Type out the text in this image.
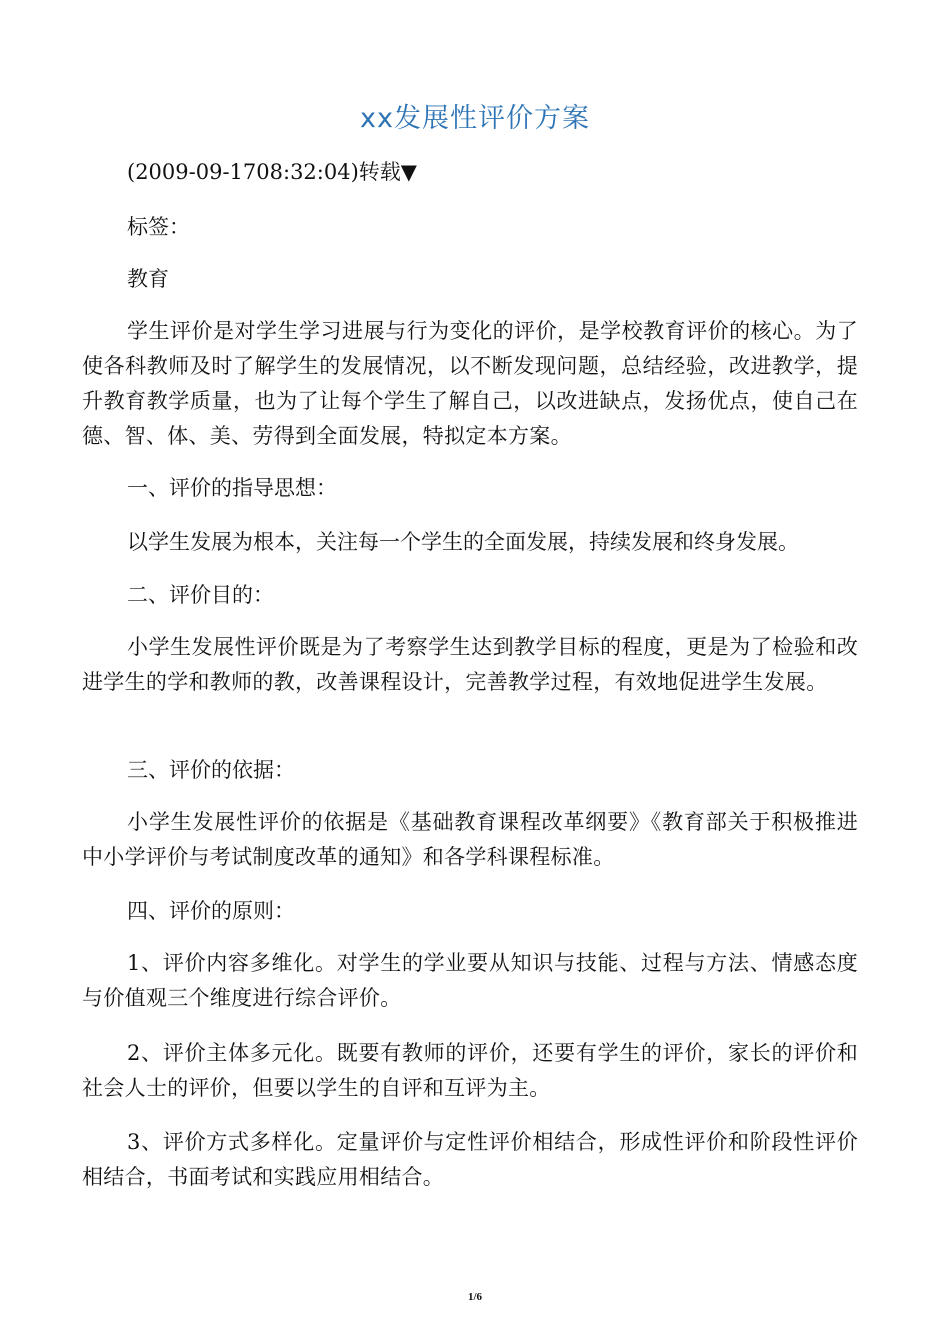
xx发展性评价方案
(2009-09-1708:32:04)转载▼
标签：
教育
学生评价是对学生学习进展与行为变化的评价，是学校教育评价的核心。为了使各科教师及时了解学生的发展情况，以不断发现问题，总结经验，改进教学，提升教育教学质量，也为了让每个学生了解自己，以改进缺点，发扬优点，使自己在德、智、体、美、劳得到全面发展，特拟定本方案。
一、评价的指导思想：
以学生发展为根本，关注每一个学生的全面发展，持续发展和终身发展。
二、评价目的：
小学生发展性评价既是为了考察学生达到教学目标的程度，更是为了检验和改进学生的学和教师的教，改善课程设计，完善教学过程，有效地促进学生发展。
三、评价的依据：
小学生发展性评价的依据是《基础教育课程改革纲要》《教育部关于积极推进中小学评价与考试制度改革的通知》和各学科课程标准。
四、评价的原则：
1、评价内容多维化。对学生的学业要从知识与技能、过程与方法、情感态度与价值观三个维度进行综合评价。
2、评价主体多元化。既要有教师的评价，还要有学生的评价，家长的评价和社会人士的评价，但要以学生的自评和互评为主。
3、评价方式多样化。定量评价与定性评价相结合，形成性评价和阶段性评价相结合，书面考试和实践应用相结合。
1/6
